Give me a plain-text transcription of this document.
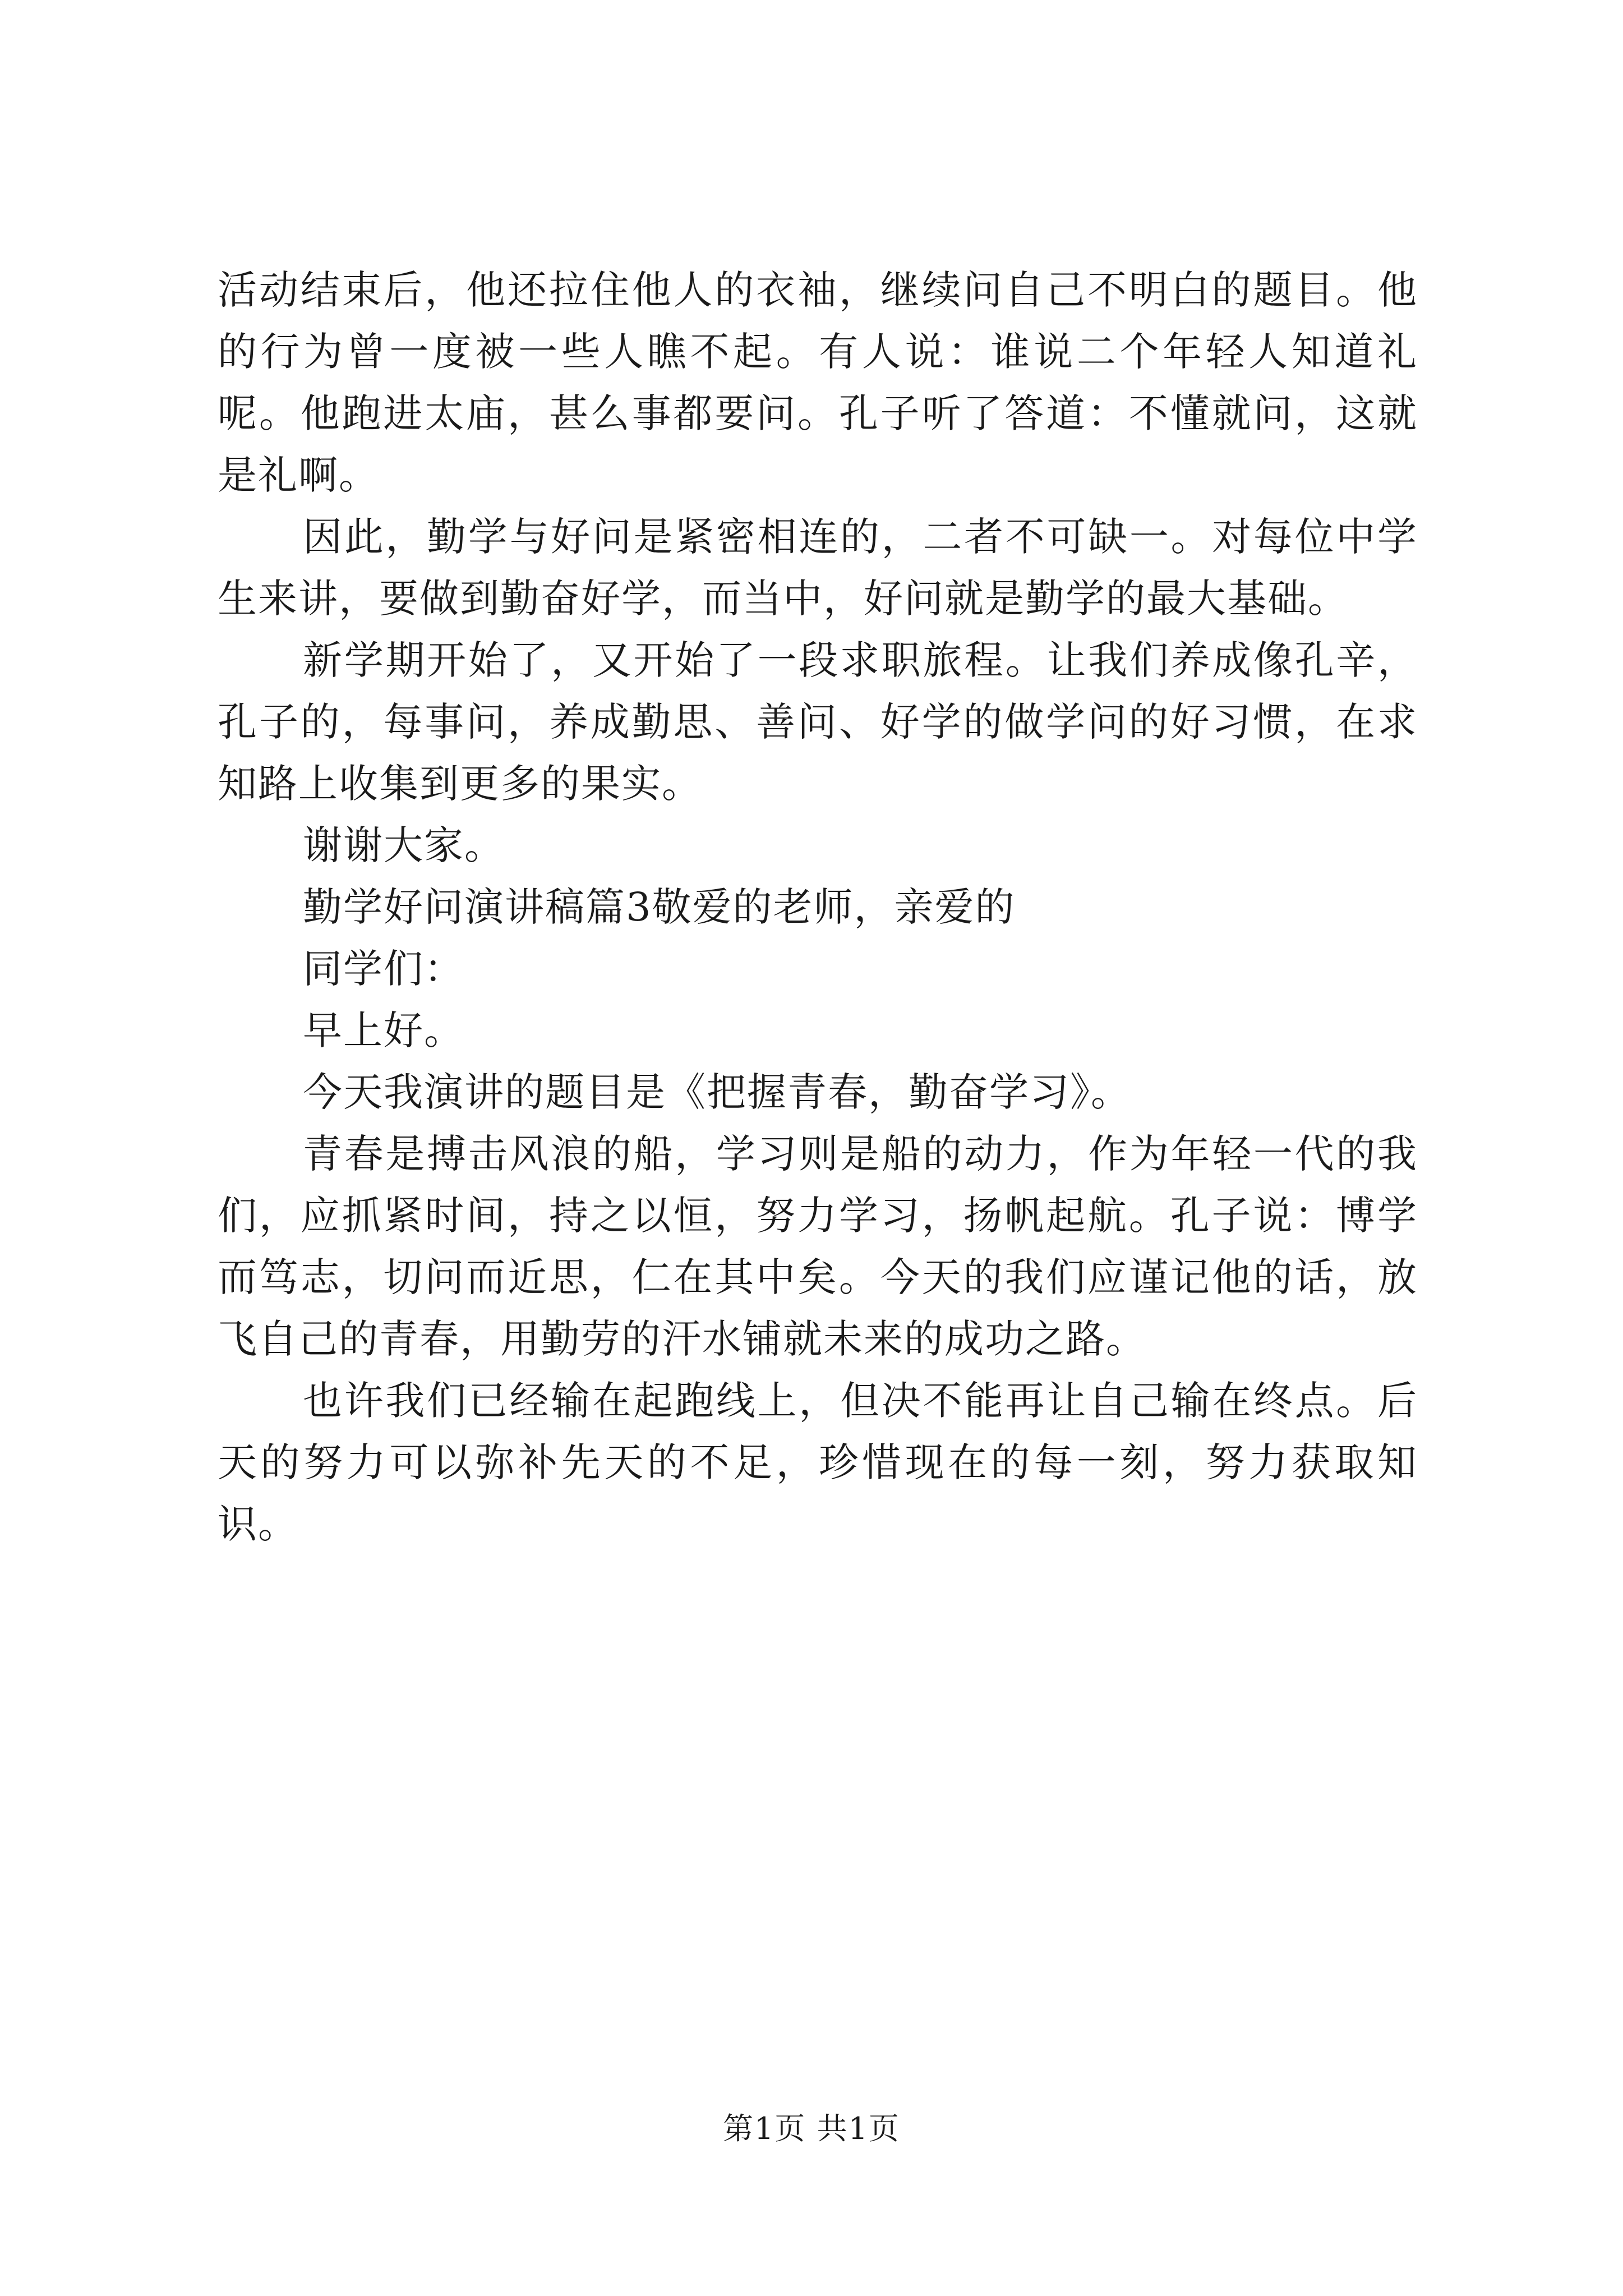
活动结束后，他还拉住他人的衣袖，继续问自己不明白的题目。他的行为曾一度被一些人瞧不起。有人说：谁说二个年轻人知道礼呢。他跑进太庙，甚么事都要问。孔子听了答道：不懂就问，这就是礼啊。

因此，勤学与好问是紧密相连的，二者不可缺一。对每位中学生来讲，要做到勤奋好学，而当中，好问就是勤学的最大基础。

新学期开始了，又开始了一段求职旅程。让我们养成像孔辛，孔子的，每事问，养成勤思、善问、好学的做学问的好习惯，在求知路上收集到更多的果实。

谢谢大家。

勤学好问演讲稿篇3敬爱的老师，亲爱的

同学们：

早上好。

今天我演讲的题目是《把握青春，勤奋学习》。

青春是搏击风浪的船，学习则是船的动力，作为年轻一代的我们，应抓紧时间，持之以恒，努力学习，扬帆起航。孔子说：博学而笃志，切问而近思，仁在其中矣。今天的我们应谨记他的话，放飞自己的青春，用勤劳的汗水铺就未来的成功之路。

也许我们已经输在起跑线上，但决不能再让自己输在终点。后天的努力可以弥补先天的不足，珍惜现在的每一刻，努力获取知识。

第1页 共1页
